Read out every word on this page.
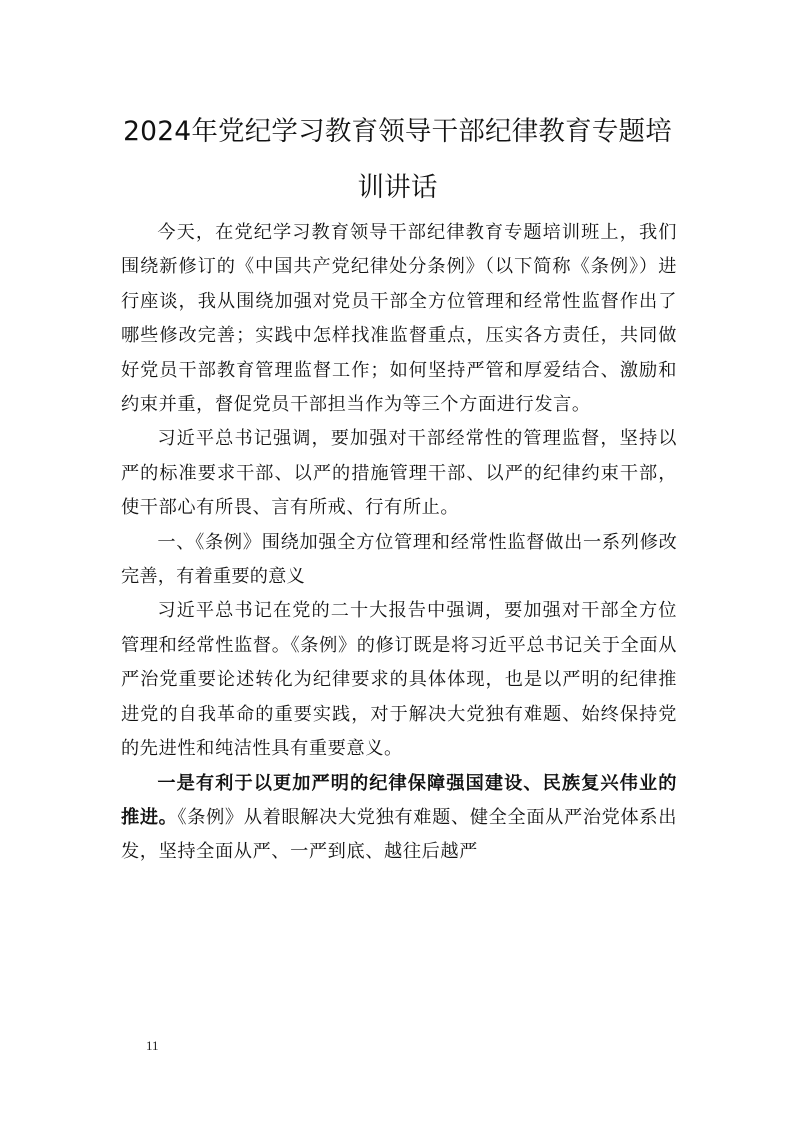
2024年党纪学习教育领导干部纪律教育专题培训讲话

今天，在党纪学习教育领导干部纪律教育专题培训班上，我们围绕新修订的《中国共产党纪律处分条例》（以下简称《条例》）进行座谈，我从围绕加强对党员干部全方位管理和经常性监督作出了哪些修改完善；实践中怎样找准监督重点，压实各方责任，共同做好党员干部教育管理监督工作；如何坚持严管和厚爱结合、激励和约束并重，督促党员干部担当作为等三个方面进行发言。

习近平总书记强调，要加强对干部经常性的管理监督，坚持以严的标准要求干部、以严的措施管理干部、以严的纪律约束干部，使干部心有所畏、言有所戒、行有所止。

一、《条例》围绕加强全方位管理和经常性监督做出一系列修改完善，有着重要的意义

习近平总书记在党的二十大报告中强调，要加强对干部全方位管理和经常性监督。《条例》的修订既是将习近平总书记关于全面从严治党重要论述转化为纪律要求的具体体现，也是以严明的纪律推进党的自我革命的重要实践，对于解决大党独有难题、始终保持党的先进性和纯洁性具有重要意义。

一是有利于以更加严明的纪律保障强国建设、民族复兴伟业的推进。《条例》从着眼解决大党独有难题、健全全面从严治党体系出发，坚持全面从严、一严到底、越往后越严

11
